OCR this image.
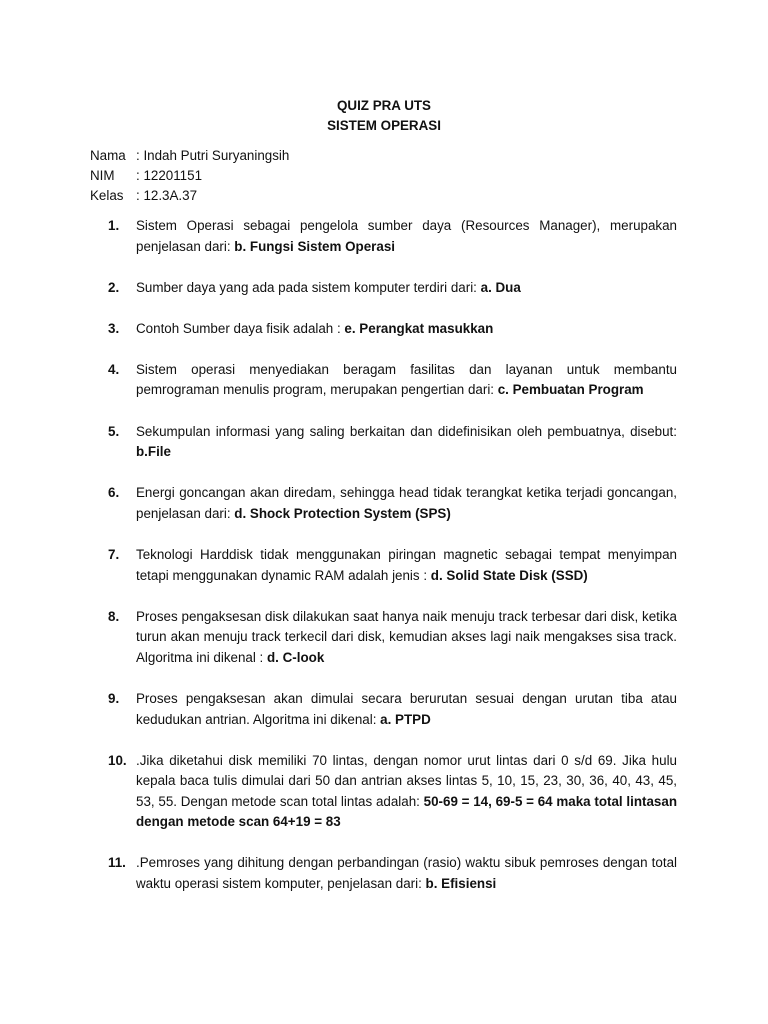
QUIZ PRA UTS
SISTEM OPERASI
Nama : Indah Putri Suryaningsih
NIM	: 12201151
Kelas : 12.3A.37
1. Sistem Operasi sebagai pengelola sumber daya (Resources Manager), merupakan penjelasan dari: b. Fungsi Sistem Operasi
2. Sumber daya yang ada pada sistem komputer terdiri dari: a. Dua
3. Contoh Sumber daya fisik adalah : e. Perangkat masukkan
4. Sistem operasi menyediakan beragam fasilitas dan layanan untuk membantu pemrograman menulis program, merupakan pengertian dari: c. Pembuatan Program
5. Sekumpulan informasi yang saling berkaitan dan didefinisikan oleh pembuatnya, disebut: b.File
6. Energi goncangan akan diredam, sehingga head tidak terangkat ketika terjadi goncangan, penjelasan dari: d. Shock Protection System (SPS)
7. Teknologi Harddisk tidak menggunakan piringan magnetic sebagai tempat menyimpan tetapi menggunakan dynamic RAM adalah jenis : d. Solid State Disk (SSD)
8. Proses pengaksesan disk dilakukan saat hanya naik menuju track terbesar dari disk, ketika turun akan menuju track terkecil dari disk, kemudian akses lagi naik mengakses sisa track. Algoritma ini dikenal : d. C-look
9. Proses pengaksesan akan dimulai secara berurutan sesuai dengan urutan tiba atau kedudukan antrian. Algoritma ini dikenal: a. PTPD
10. .Jika diketahui disk memiliki 70 lintas, dengan nomor urut lintas dari 0 s/d 69. Jika hulu kepala baca tulis dimulai dari 50 dan antrian akses lintas 5, 10, 15, 23, 30, 36, 40, 43, 45, 53, 55. Dengan metode scan total lintas adalah: 50-69 = 14, 69-5 = 64 maka total lintasan dengan metode scan 64+19 = 83
11. .Pemroses yang dihitung dengan perbandingan (rasio) waktu sibuk pemroses dengan total waktu operasi sistem komputer, penjelasan dari: b. Efisiensi
